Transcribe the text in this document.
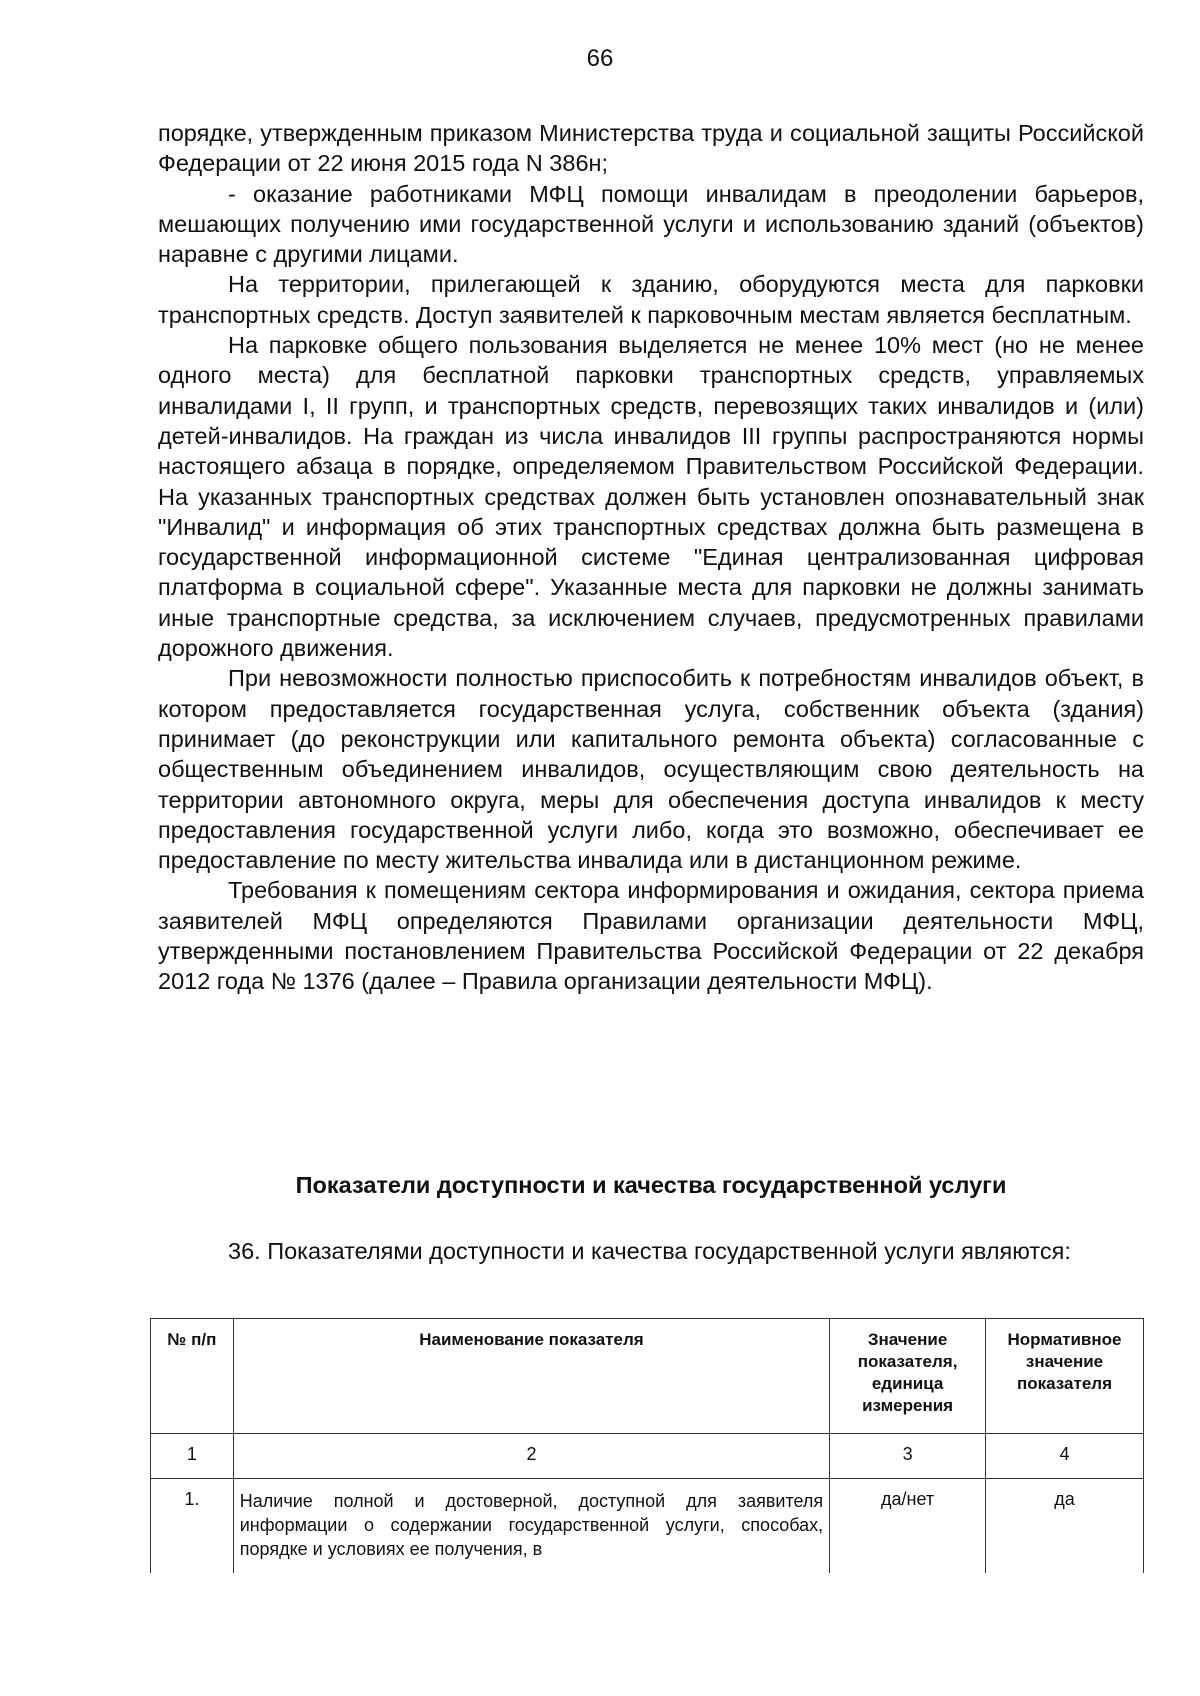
66

порядке, утвержденным приказом Министерства труда и социальной защиты Российской Федерации от 22 июня 2015 года N 386н;

- оказание работниками МФЦ помощи инвалидам в преодолении барьеров, мешающих получению ими государственной услуги и использованию зданий (объектов) наравне с другими лицами.

На территории, прилегающей к зданию, оборудуются места для парковки транспортных средств. Доступ заявителей к парковочным местам является бесплатным.

На парковке общего пользования выделяется не менее 10% мест (но не менее одного места) для бесплатной парковки транспортных средств, управляемых инвалидами I, II групп, и транспортных средств, перевозящих таких инвалидов и (или) детей-инвалидов. На граждан из числа инвалидов III группы распространяются нормы настоящего абзаца в порядке, определяемом Правительством Российской Федерации. На указанных транспортных средствах должен быть установлен опознавательный знак "Инвалид" и информация об этих транспортных средствах должна быть размещена в государственной информационной системе "Единая централизованная цифровая платформа в социальной сфере". Указанные места для парковки не должны занимать иные транспортные средства, за исключением случаев, предусмотренных правилами дорожного движения.

При невозможности полностью приспособить к потребностям инвалидов объект, в котором предоставляется государственная услуга, собственник объекта (здания) принимает (до реконструкции или капитального ремонта объекта) согласованные с общественным объединением инвалидов, осуществляющим свою деятельность на территории автономного округа, меры для обеспечения доступа инвалидов к месту предоставления государственной услуги либо, когда это возможно, обеспечивает ее предоставление по месту жительства инвалида или в дистанционном режиме.

Требования к помещениям сектора информирования и ожидания, сектора приема заявителей МФЦ определяются Правилами организации деятельности МФЦ, утвержденными постановлением Правительства Российской Федерации от 22 декабря 2012 года № 1376 (далее – Правила организации деятельности МФЦ).

Показатели доступности и качества государственной услуги

36. Показателями доступности и качества государственной услуги являются:

№ п/п	Наименование показателя	Значение показателя, единица измерения	Нормативное значение показателя
1	2	3	4
1.	Наличие полной и достоверной, доступной для заявителя информации о содержании государственной услуги, способах, порядке и условиях ее получения, в	да/нет	да
